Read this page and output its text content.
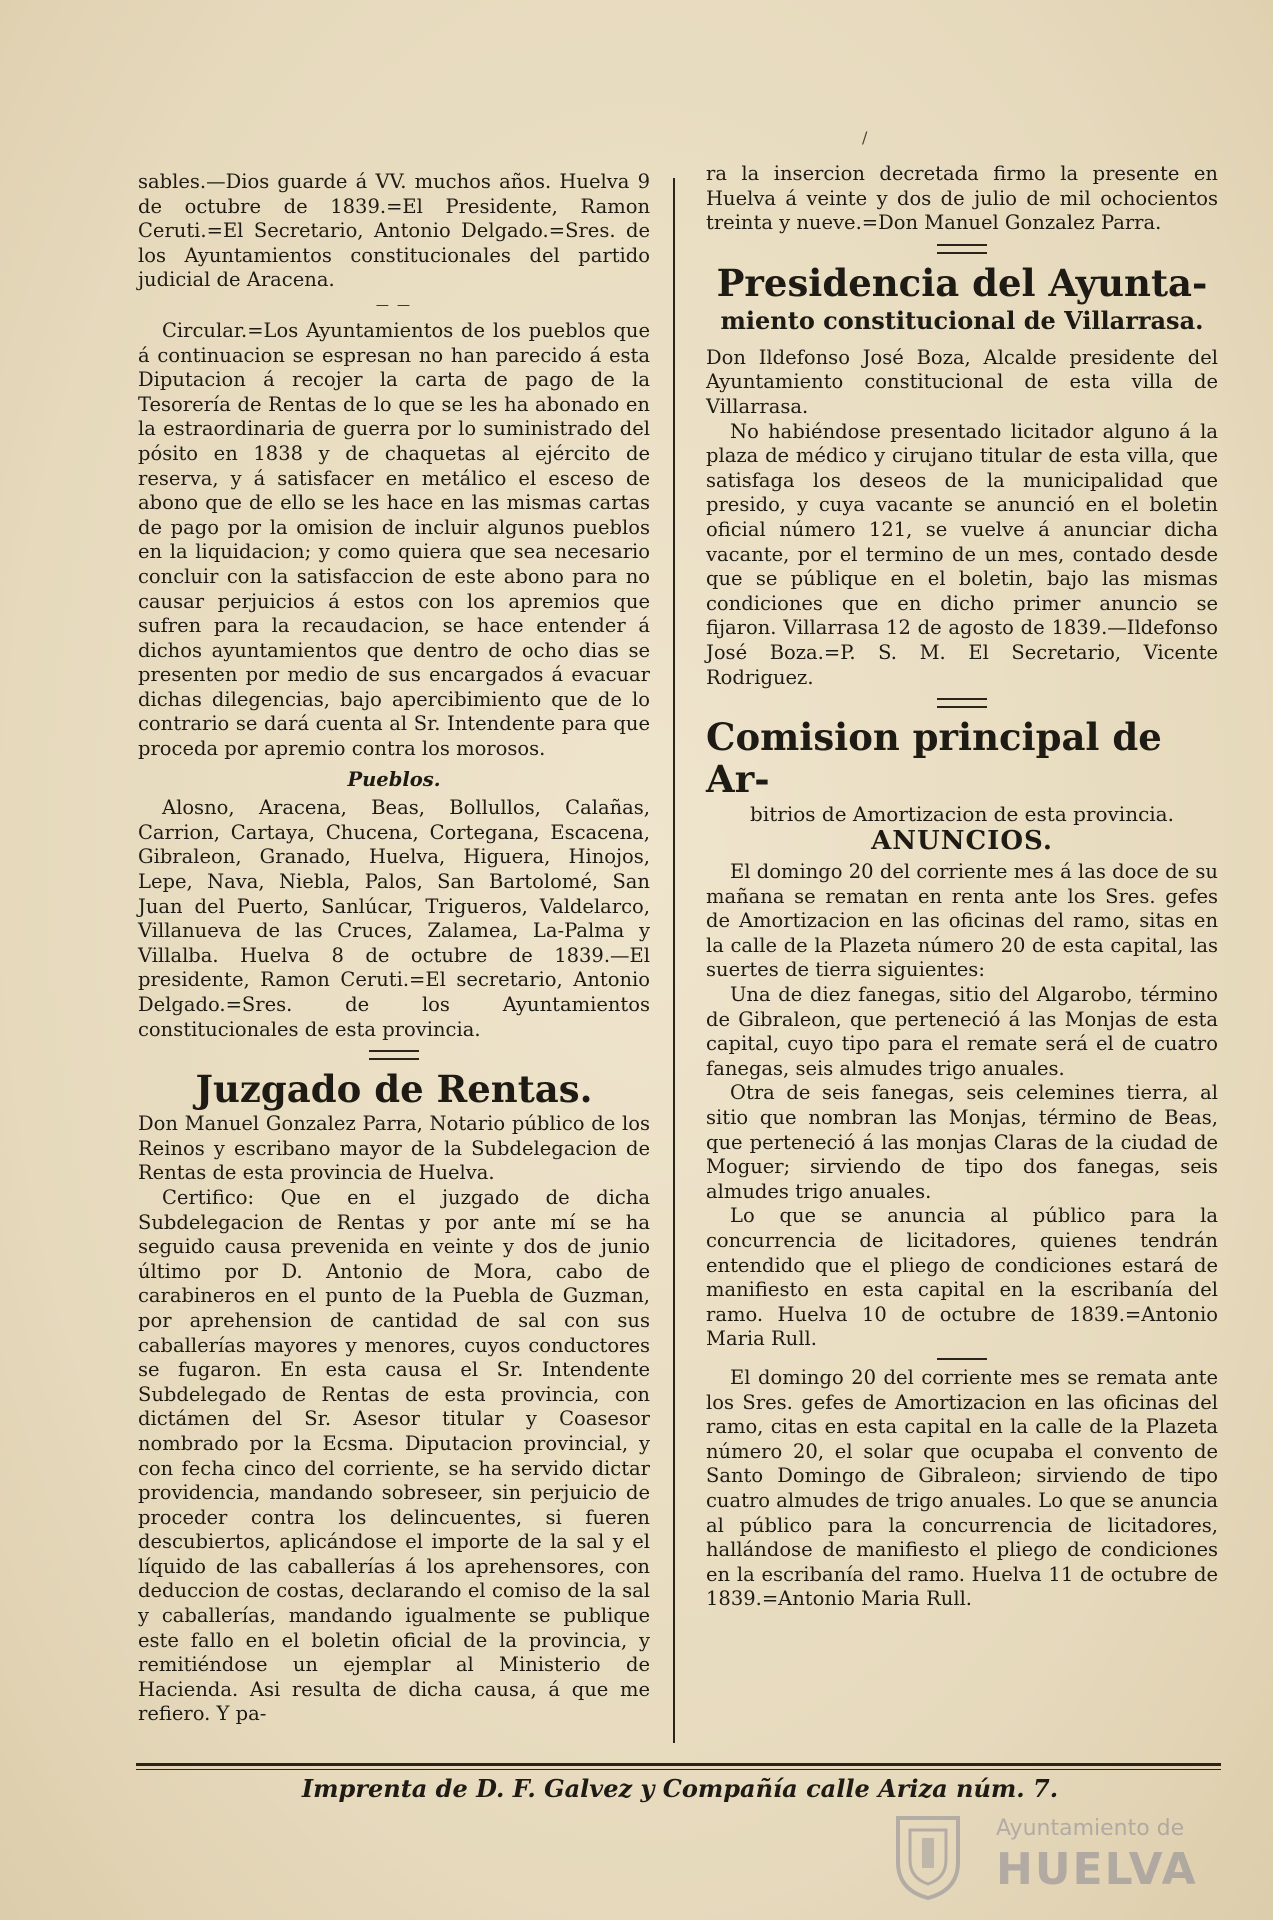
/

sables.—Dios guarde á VV. muchos años. Huelva 9 de octubre de 1839.=El Presidente, Ramon Ceruti.=El Secretario, Antonio Delgado.=Sres. de los Ayuntamientos constitucionales del partido judicial de Aracena.

— —

Circular.=Los Ayuntamientos de los pueblos que á continuacion se espresan no han parecido á esta Diputacion á recojer la carta de pago de la Tesorería de Rentas de lo que se les ha abonado en la estraordinaria de guerra por lo suministrado del pósito en 1838 y de chaquetas al ejército de reserva, y á satisfacer en metálico el esceso de abono que de ello se les hace en las mismas cartas de pago por la omision de incluir algunos pueblos en la liquidacion; y como quiera que sea necesario concluir con la satisfaccion de este abono para no causar perjuicios á estos con los apremios que sufren para la recaudacion, se hace entender á dichos ayuntamientos que dentro de ocho dias se presenten por medio de sus encargados á evacuar dichas dilegencias, bajo apercibimiento que de lo contrario se dará cuenta al Sr. Intendente para que proceda por apremio contra los morosos.

Pueblos.

Alosno, Aracena, Beas, Bollullos, Calañas, Carrion, Cartaya, Chucena, Cortegana, Escacena, Gibraleon, Granado, Huelva, Higuera, Hinojos, Lepe, Nava, Niebla, Palos, San Bartolomé, San Juan del Puerto, Sanlúcar, Trigueros, Valdelarco, Villanueva de las Cruces, Zalamea, La-Palma y Villalba. Huelva 8 de octubre de 1839.—El presidente, Ramon Ceruti.=El secretario, Antonio Delgado.=Sres. de los Ayuntamientos constitucionales de esta provincia.

Juzgado de Rentas.

Don Manuel Gonzalez Parra, Notario público de los Reinos y escribano mayor de la Subdelegacion de Rentas de esta provincia de Huelva.

Certifico: Que en el juzgado de dicha Subdelegacion de Rentas y por ante mí se ha seguido causa prevenida en veinte y dos de junio último por D. Antonio de Mora, cabo de carabineros en el punto de la Puebla de Guzman, por aprehension de cantidad de sal con sus caballerías mayores y menores, cuyos conductores se fugaron. En esta causa el Sr. Intendente Subdelegado de Rentas de esta provincia, con dictámen del Sr. Asesor titular y Coasesor nombrado por la Ecsma. Diputacion provincial, y con fecha cinco del corriente, se ha servido dictar providencia, mandando sobreseer, sin perjuicio de proceder contra los delincuentes, si fueren descubiertos, aplicándose el importe de la sal y el líquido de las caballerías á los aprehensores, con deduccion de costas, declarando el comiso de la sal y caballerías, mandando igualmente se publique este fallo en el boletin oficial de la provincia, y remitiéndose un ejemplar al Ministerio de Hacienda. Asi resulta de dicha causa, á que me refiero. Y pa-

ra la insercion decretada firmo la presente en Huelva á veinte y dos de julio de mil ochocientos treinta y nueve.=Don Manuel Gonzalez Parra.

Presidencia del Ayunta-
miento constitucional de Villarrasa.

Don Ildefonso José Boza, Alcalde presidente del Ayuntamiento constitucional de esta villa de Villarrasa.

No habiéndose presentado licitador alguno á la plaza de médico y cirujano titular de esta villa, que satisfaga los deseos de la municipalidad que presido, y cuya vacante se anunció en el boletin oficial número 121, se vuelve á anunciar dicha vacante, por el termino de un mes, contado desde que se públique en el boletin, bajo las mismas condiciones que en dicho primer anuncio se fijaron. Villarrasa 12 de agosto de 1839.—Ildefonso José Boza.=P. S. M. El Secretario, Vicente Rodriguez.

Comision principal de Ar-
bitrios de Amortizacion de esta provincia.
ANUNCIOS.

El domingo 20 del corriente mes á las doce de su mañana se rematan en renta ante los Sres. gefes de Amortizacion en las oficinas del ramo, sitas en la calle de la Plazeta número 20 de esta capital, las suertes de tierra siguientes:

Una de diez fanegas, sitio del Algarobo, término de Gibraleon, que perteneció á las Monjas de esta capital, cuyo tipo para el remate será el de cuatro fanegas, seis almudes trigo anuales.

Otra de seis fanegas, seis celemines tierra, al sitio que nombran las Monjas, término de Beas, que perteneció á las monjas Claras de la ciudad de Moguer; sirviendo de tipo dos fanegas, seis almudes trigo anuales.

Lo que se anuncia al público para la concurrencia de licitadores, quienes tendrán entendido que el pliego de condiciones estará de manifiesto en esta capital en la escribanía del ramo. Huelva 10 de octubre de 1839.=Antonio Maria Rull.

El domingo 20 del corriente mes se remata ante los Sres. gefes de Amortizacion en las oficinas del ramo, citas en esta capital en la calle de la Plazeta número 20, el solar que ocupaba el convento de Santo Domingo de Gibraleon; sirviendo de tipo cuatro almudes de trigo anuales. Lo que se anuncia al público para la concurrencia de licitadores, hallándose de manifiesto el pliego de condiciones en la escribanía del ramo. Huelva 11 de octubre de 1839.=Antonio Maria Rull.

Imprenta de D. F. Galvez y Compañía calle Ariza núm. 7.
Ayuntamiento de
HUELVA
